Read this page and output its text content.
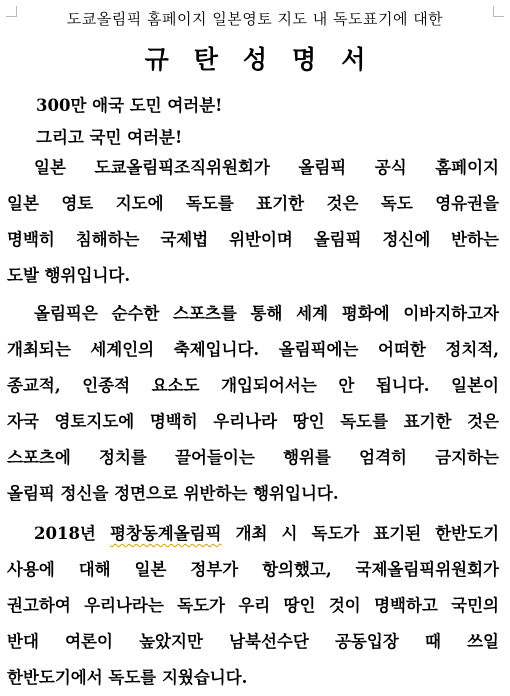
도쿄올림픽 홈페이지 일본영토 지도 내 독도표기에 대한
규탄성명서
300만 애국 도민 여러분!
그리고 국민 여러분!
일본 도쿄올림픽조직위원회가 올림픽 공식 홈페이지
일본 영토 지도에 독도를 표기한 것은 독도 영유권을
명백히 침해하는 국제법 위반이며 올림픽 정신에 반하는
도발 행위입니다.
올림픽은 순수한 스포츠를 통해 세계 평화에 이바지하고자
개최되는 세계인의 축제입니다. 올림픽에는 어떠한 정치적,
종교적, 인종적 요소도 개입되어서는 안 됩니다. 일본이
자국 영토지도에 명백히 우리나라 땅인 독도를 표기한 것은
스포츠에 정치를 끌어들이는 행위를 엄격히 금지하는
올림픽 정신을 정면으로 위반하는 행위입니다.
2018년 평창동계올림픽 개최 시 독도가 표기된 한반도기
사용에 대해 일본 정부가 항의했고, 국제올림픽위원회가
권고하여 우리나라는 독도가 우리 땅인 것이 명백하고 국민의
반대 여론이 높았지만 남북선수단 공동입장 때 쓰일
한반도기에서 독도를 지웠습니다.
